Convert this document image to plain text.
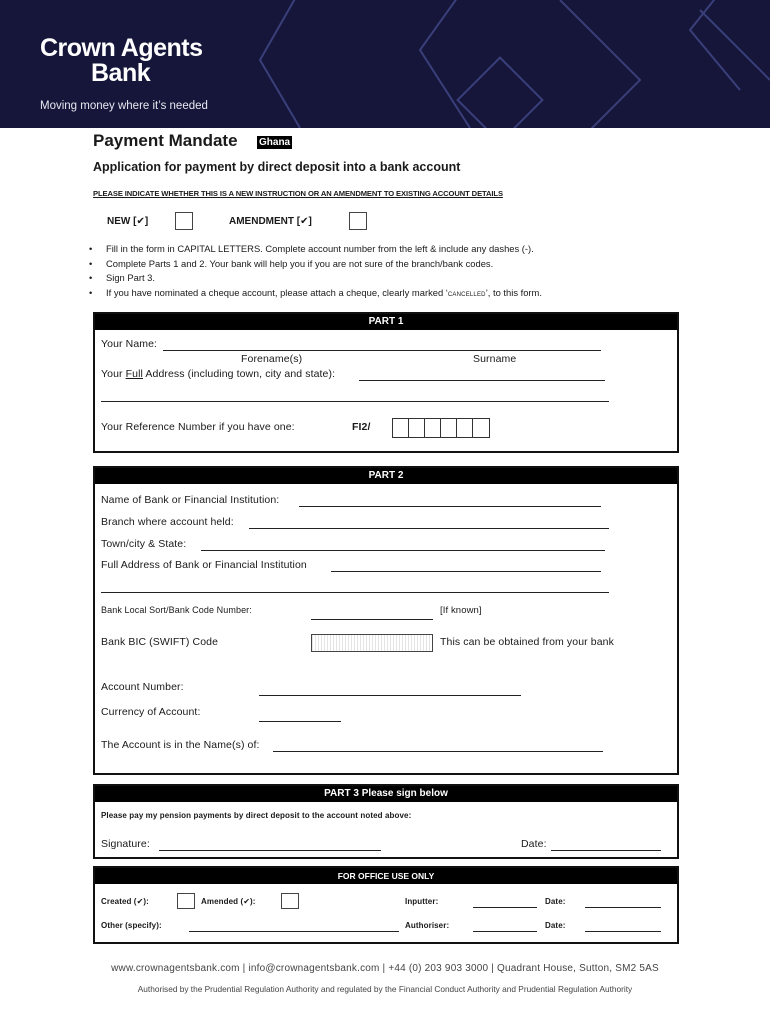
Crown Agents
Bank
Moving money where it’s needed
Payment Mandate Ghana
Application for payment by direct deposit into a bank account
PLEASE INDICATE WHETHER THIS IS A NEW INSTRUCTION OR AN AMENDMENT TO EXISTING ACCOUNT DETAILS
NEW [✔]	AMENDMENT [✔]
• Fill in the form in CAPITAL LETTERS. Complete account number from the left & include any dashes (-).
• Complete Parts 1 and 2. Your bank will help you if you are not sure of the branch/bank codes.
• Sign Part 3.
• If you have nominated a cheque account, please attach a cheque, clearly marked ‘CANCELLED’, to this form.
PART 1
Your Name:
Forename(s)	Surname
Your Full Address (including town, city and state):
Your Reference Number if you have one:	FI2/
PART 2
Name of Bank or Financial Institution:
Branch where account held:
Town/city & State:
Full Address of Bank or Financial Institution
Bank Local Sort/Bank Code Number:	[If known]
Bank BIC (SWIFT) Code	This can be obtained from your bank
Account Number:
Currency of Account:
The Account is in the Name(s) of:
PART 3 Please sign below
Please pay my pension payments by direct deposit to the account noted above:
Signature:	Date:
FOR OFFICE USE ONLY
Created (✔):	Amended (✔):	Inputter:	Date:
Other (specify):	Authoriser:	Date:
www.crownagentsbank.com | info@crownagentsbank.com | +44 (0) 203 903 3000 | Quadrant House, Sutton, SM2 5AS
Authorised by the Prudential Regulation Authority and regulated by the Financial Conduct Authority and Prudential Regulation Authority
